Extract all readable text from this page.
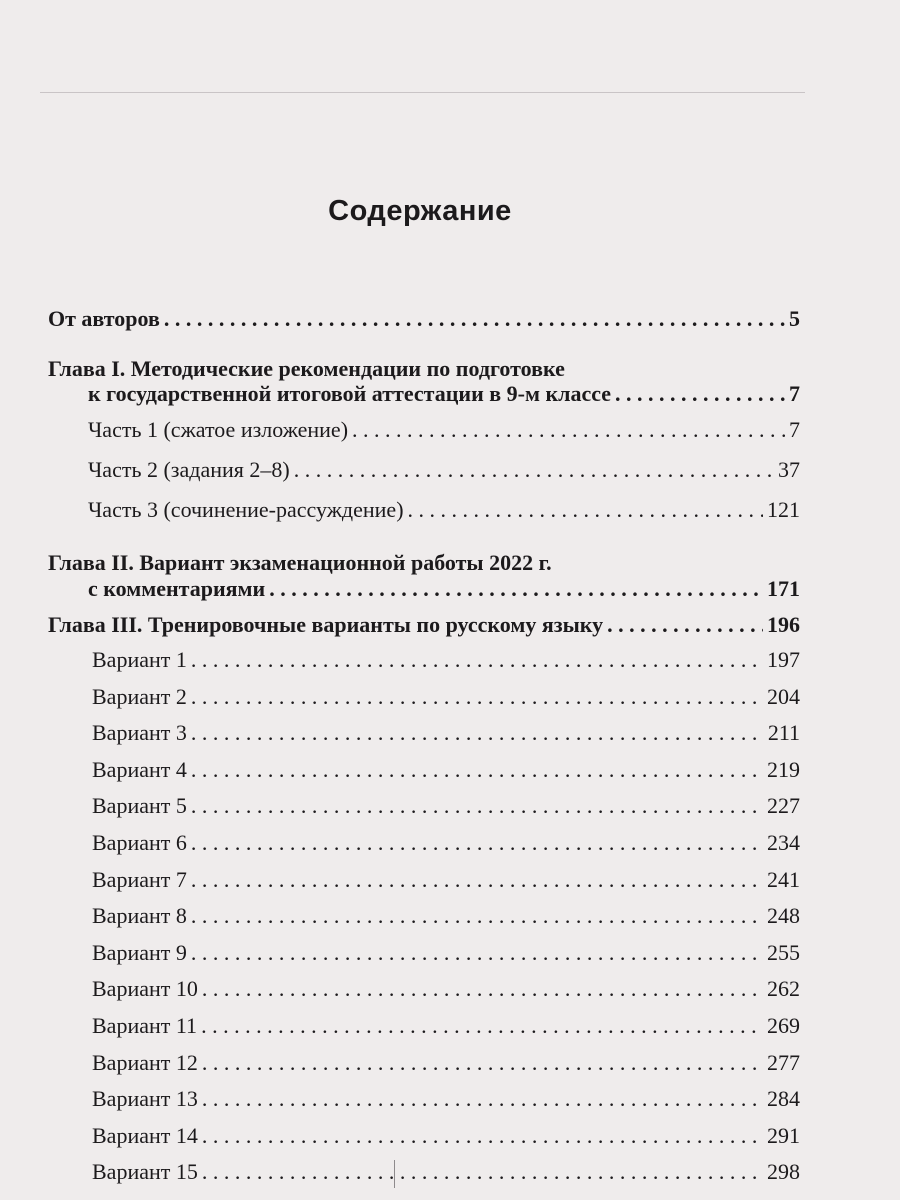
Содержание
От авторов . . .	5
Глава I. Методические рекомендации по подготовке
к государственной итоговой аттестации в 9-м классе . . .	7
Часть 1 (сжатое изложение) . . .	7
Часть 2 (задания 2–8) . . .	37
Часть 3 (сочинение-рассуждение) . . .	121
Глава II. Вариант экзаменационной работы 2022 г.
с комментариями . . .	171
Глава III. Тренировочные варианты по русскому языку . . .	196
Вариант 1 . . .	197
Вариант 2 . . .	204
Вариант 3 . . .	211
Вариант 4 . . .	219
Вариант 5 . . .	227
Вариант 6 . . .	234
Вариант 7 . . .	241
Вариант 8 . . .	248
Вариант 9 . . .	255
Вариант 10 . . .	262
Вариант 11 . . .	269
Вариант 12 . . .	277
Вариант 13 . . .	284
Вариант 14 . . .	291
Вариант 15 . . .	298
